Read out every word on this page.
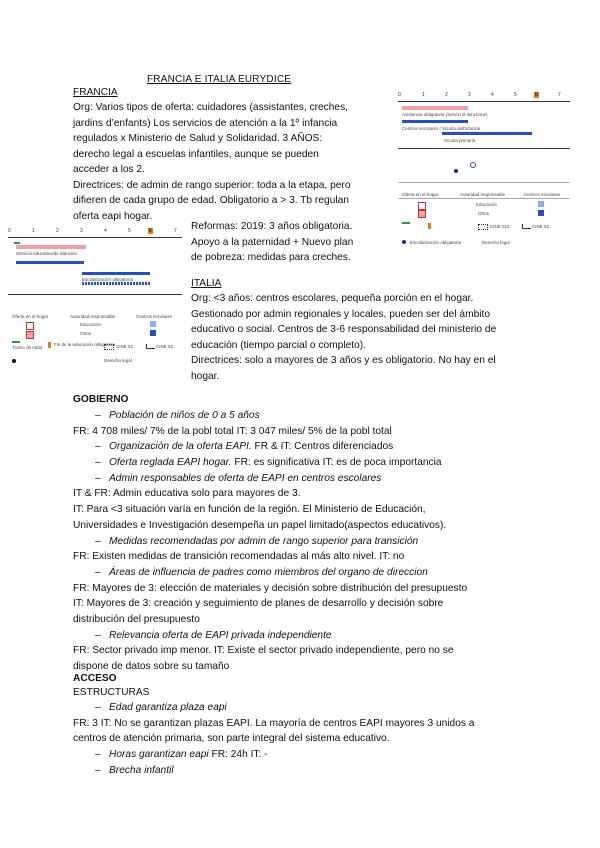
FRANCIA E ITALIA EURYDICE
FRANCIA
Org: Varios tipos de oferta: cuidadores (assistantes, creches,
jardins d’enfants) Los servicios de atención a la 1º infancia
regulados x Ministerio de Salud y Solidaridad. 3 AÑOS:
derecho legal a escuelas infantiles, aunque se pueden
acceder a los 2.
Directrices: de admin de rango superior: toda a la etapa, pero
difieren de cada grupo de edad. Obligatorio a > 3. Tb regulan
oferta eapi hogar.
Reformas: 2019: 3 años obligatoria.
Apoyo a la paternidad + Nuevo plan
de pobreza: medidas para creches.
ITALIA
Org: <3 años: centros escolares, pequeña porción en el hogar.
Gestionado por admin regionales y locales, pueden ser del ámbito
educativo o social. Centros de 3-6 responsabilidad del ministerio de
educación (tiempo parcial o completo).
Directrices: solo a mayores de 3 años y es obligatorio. No hay en el
hogar.
0	1	2	3	4	5	6	7
Servicio educativo/de atención
Escolarización obligatoria
Oferta en el hogar	Autoridad responsable	Centros escolares
Educación
Otros
Tramo de edad
Fin de la educación obligatoria CINE 01	CINE 02
Derecho legal
0	1	2	3	4	5	6	7
Asistencia obligatoria (Servizi di istruzione)
Centros escolares / Scuola dell'infanzia
Scuola primaria
Oferta en el hogar	Autoridad responsable	Centros escolares
Educación
Otros
CINE 010	CINE 02
Escolarización obligatoria	Derecho legal
GOBIERNO
– Población de niños de 0 a 5 años
FR: 4 708 miles/ 7% de la pobl total IT: 3 047 miles/ 5% de la pobl total
– Organización de la oferta EAPI. FR & IT: Centros diferenciados
– Oferta reglada EAPI hogar. FR: es significativa IT: es de poca importancia
– Admin responsables de oferta de EAPI en centros escolares
IT & FR: Admin educativa solo para mayores de 3.
IT: Para <3 situación varía en función de la región. El Ministerio de Educación,
Universidades e Investigación desempeña un papel limitado(aspectos educativos).
– Medidas recomendadas por admin de rango superior para transición
FR: Existen medidas de transición recomendadas al más alto nivel. IT: no
– Áreas de influencia de padres como miembros del organo de direccion
FR: Mayores de 3: elección de materiales y decisión sobre distribución del presupuesto
IT: Mayores de 3: creación y seguimiento de planes de desarrollo y decisión sobre
distribución del presupuesto
– Relevancia oferta de EAPI privada independiente
FR: Sector privado imp menor. IT: Existe el sector privado independiente, pero no se
dispone de datos sobre su tamaño
ACCESO
ESTRUCTURAS
– Edad garantiza plaza eapi
FR: 3 IT: No se garantizan plazas EAPI. La mayoría de centros EAPI mayores 3 unidos a
centros de atención primaria, son parte integral del sistema educativo.
– Horas garantizan eapi FR: 24h IT: -
– Brecha infantil
